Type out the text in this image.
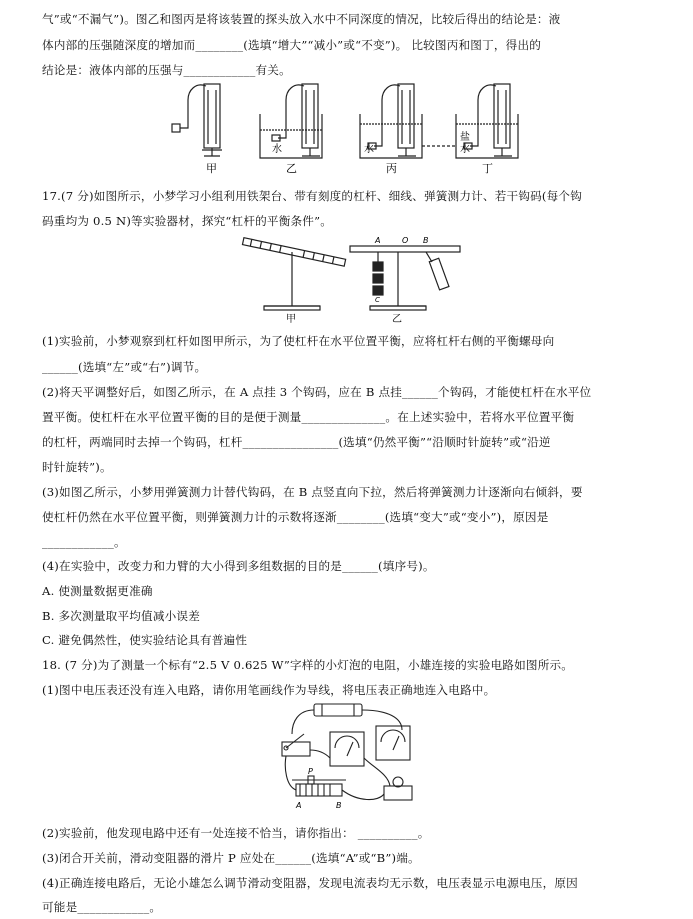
气”或“不漏气”)。图乙和图丙是将该装置的探头放入水中不同深度的情况，比较后得出的结论是：液
体内部的压强随深度的增加而________(选填“增大”“减小”或“不变”)。 比较图丙和图丁，得出的
结论是：液体内部的压强与____________有关。
甲	乙	丙	丁
水	水
盐
水
17.(7 分)如图所示，小梦学习小组利用铁架台、带有刻度的杠杆、细线、弹簧测力计、若干钩码(每个钩
码重均为 0.5 N)等实验器材，探究“杠杆的平衡条件”。
甲	乙
A	B
O
C
(1)实验前，小梦观察到杠杆如图甲所示，为了使杠杆在水平位置平衡，应将杠杆右侧的平衡螺母向
______(选填“左”或“右”)调节。
(2)将天平调整好后，如图乙所示，在 A 点挂 3 个钩码，应在 B 点挂______个钩码，才能使杠杆在水平位
置平衡。使杠杆在水平位置平衡的目的是便于测量______________。在上述实验中，若将水平位置平衡
的杠杆，两端同时去掉一个钩码，杠杆________________(选填“仍然平衡”“沿顺时针旋转”或“沿逆
时针旋转”)。
(3)如图乙所示，小梦用弹簧测力计替代钩码，在 B 点竖直向下拉，然后将弹簧测力计逐渐向右倾斜，要
使杠杆仍然在水平位置平衡，则弹簧测力计的示数将逐渐________(选填“变大”或“变小”)，原因是
____________。
(4)在实验中，改变力和力臂的大小得到多组数据的目的是______(填序号)。
A. 使测量数据更准确
B. 多次测量取平均值减小误差
C. 避免偶然性，使实验结论具有普遍性
18. (7 分)为了测量一个标有“2.5 V 0.625 W”字样的小灯泡的电阻，小雄连接的实验电路如图所示。
(1)图中电压表还没有连入电路，请你用笔画线作为导线，将电压表正确地连入电路中。
P
A	B
(2)实验前，他发现电路中还有一处连接不恰当，请你指出： __________。
(3)闭合开关前，滑动变阻器的滑片 P 应处在______(选填“A”或“B”)端。
(4)正确连接电路后，无论小雄怎么调节滑动变阻器，发现电流表均无示数，电压表显示电源电压，原因
可能是____________。
